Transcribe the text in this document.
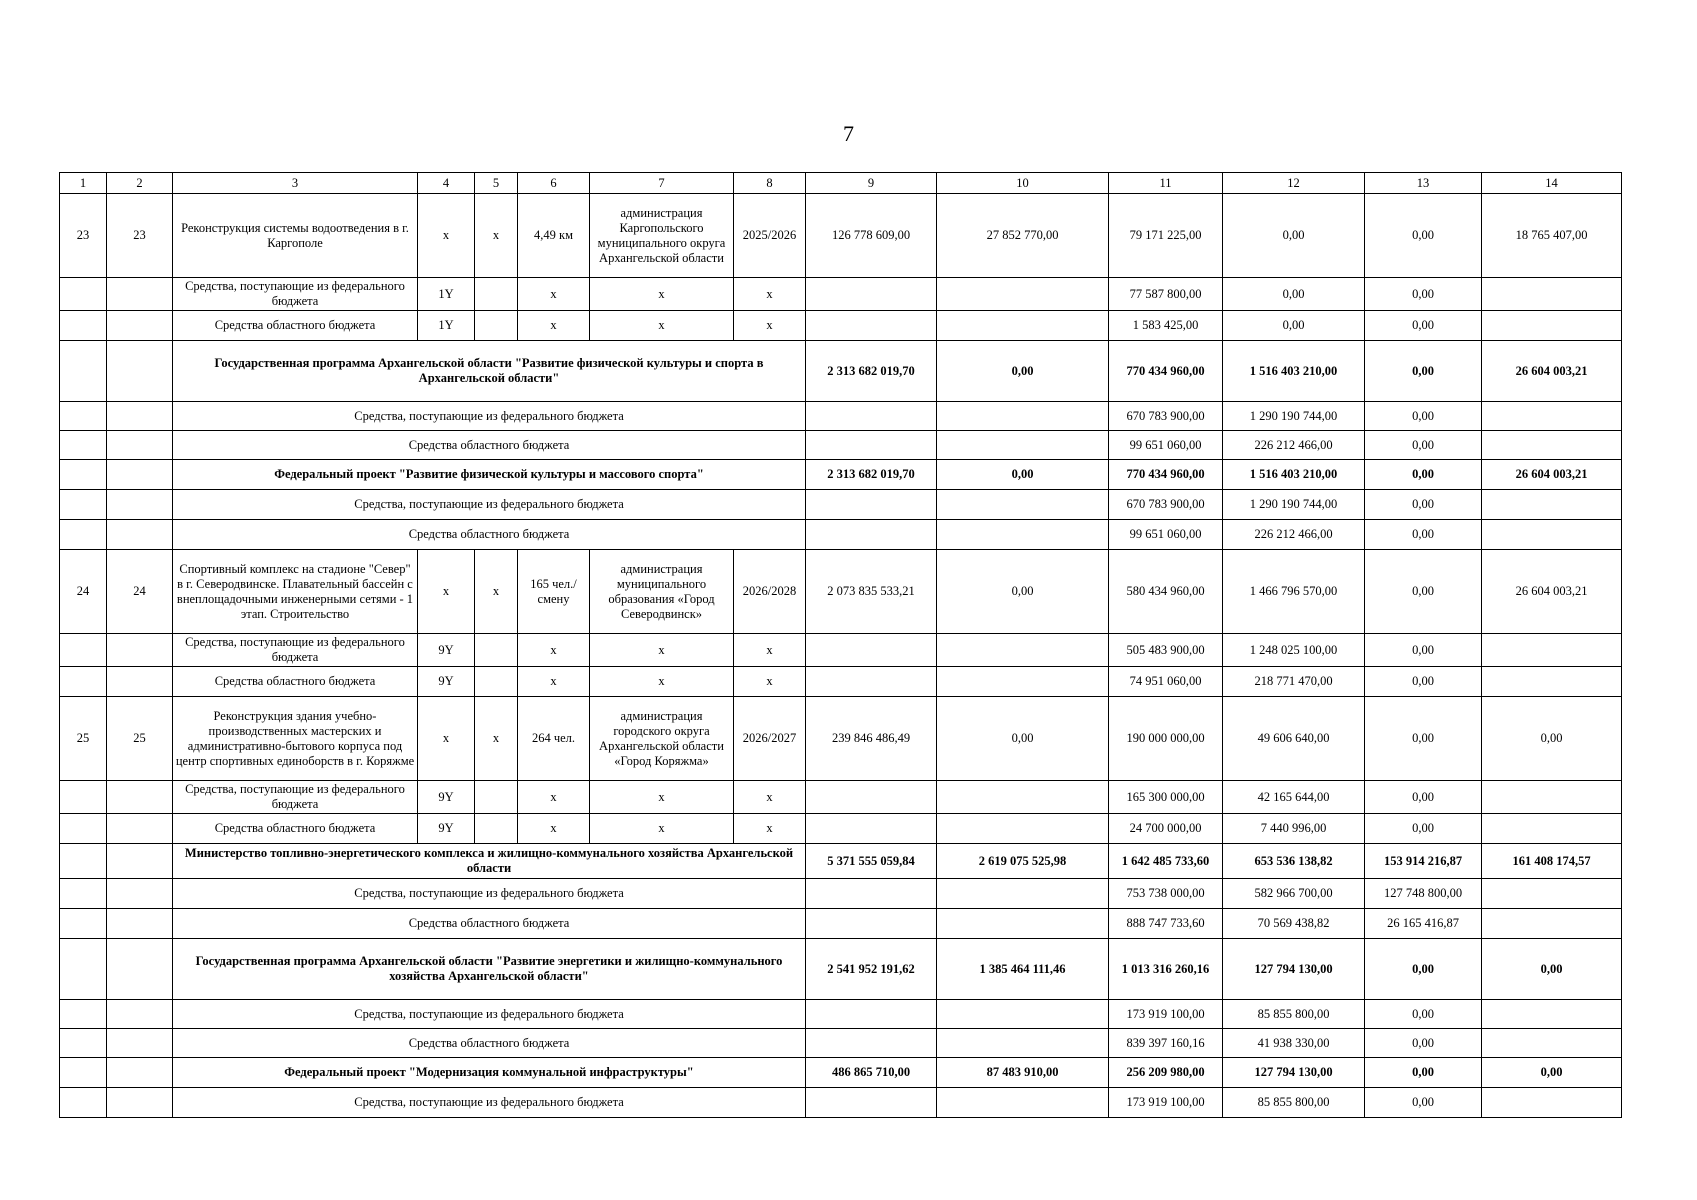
7
1	2	3	4	5	6	7	8	9	10	11	12	13	14
23	23	Реконструкция системы водоотведения в г. Каргополе	x	x	4,49 км	администрация Каргопольского муниципального округа Архангельской области	2025/2026	126 778 609,00	27 852 770,00	79 171 225,00	0,00	0,00	18 765 407,00
		Средства, поступающие из федерального бюджета	1Y		x	x	x			77 587 800,00	0,00	0,00	
		Средства областного бюджета	1Y		x	x	x			1 583 425,00	0,00	0,00	
		Государственная программа Архангельской области "Развитие физической культуры и спорта в Архангельской области"						2 313 682 019,70	0,00	770 434 960,00	1 516 403 210,00	0,00	26 604 003,21
		Средства, поступающие из федерального бюджета								670 783 900,00	1 290 190 744,00	0,00	
		Средства областного бюджета								99 651 060,00	226 212 466,00	0,00	
		Федеральный проект "Развитие физической культуры и массового спорта"						2 313 682 019,70	0,00	770 434 960,00	1 516 403 210,00	0,00	26 604 003,21
		Средства, поступающие из федерального бюджета								670 783 900,00	1 290 190 744,00	0,00	
		Средства областного бюджета								99 651 060,00	226 212 466,00	0,00	
24	24	Спортивный комплекс на стадионе "Север" в г. Северодвинске. Плавательный бассейн с внеплощадочными инженерными сетями - 1 этап. Строительство	x	x	165 чел./смену	администрация муниципального образования «Город Северодвинск»	2026/2028	2 073 835 533,21	0,00	580 434 960,00	1 466 796 570,00	0,00	26 604 003,21
		Средства, поступающие из федерального бюджета	9Y		x	x	x			505 483 900,00	1 248 025 100,00	0,00	
		Средства областного бюджета	9Y		x	x	x			74 951 060,00	218 771 470,00	0,00	
25	25	Реконструкция здания учебно-производственных мастерских и административно-бытового корпуса под центр спортивных единоборств в г. Коряжме	x	x	264 чел.	администрация городского округа Архангельской области «Город Коряжма»	2026/2027	239 846 486,49	0,00	190 000 000,00	49 606 640,00	0,00	0,00
		Средства, поступающие из федерального бюджета	9Y		x	x	x			165 300 000,00	42 165 644,00	0,00	
		Средства областного бюджета	9Y		x	x	x			24 700 000,00	7 440 996,00	0,00	
		Министерство топливно-энергетического комплекса и жилищно-коммунального хозяйства Архангельской области						5 371 555 059,84	2 619 075 525,98	1 642 485 733,60	653 536 138,82	153 914 216,87	161 408 174,57
		Средства, поступающие из федерального бюджета								753 738 000,00	582 966 700,00	127 748 800,00	
		Средства областного бюджета								888 747 733,60	70 569 438,82	26 165 416,87	
		Государственная программа Архангельской области "Развитие энергетики и жилищно-коммунального хозяйства Архангельской области"						2 541 952 191,62	1 385 464 111,46	1 013 316 260,16	127 794 130,00	0,00	0,00
		Средства, поступающие из федерального бюджета								173 919 100,00	85 855 800,00	0,00	
		Средства областного бюджета								839 397 160,16	41 938 330,00	0,00	
		Федеральный проект "Модернизация коммунальной инфраструктуры"						486 865 710,00	87 483 910,00	256 209 980,00	127 794 130,00	0,00	0,00
		Средства, поступающие из федерального бюджета								173 919 100,00	85 855 800,00	0,00	
